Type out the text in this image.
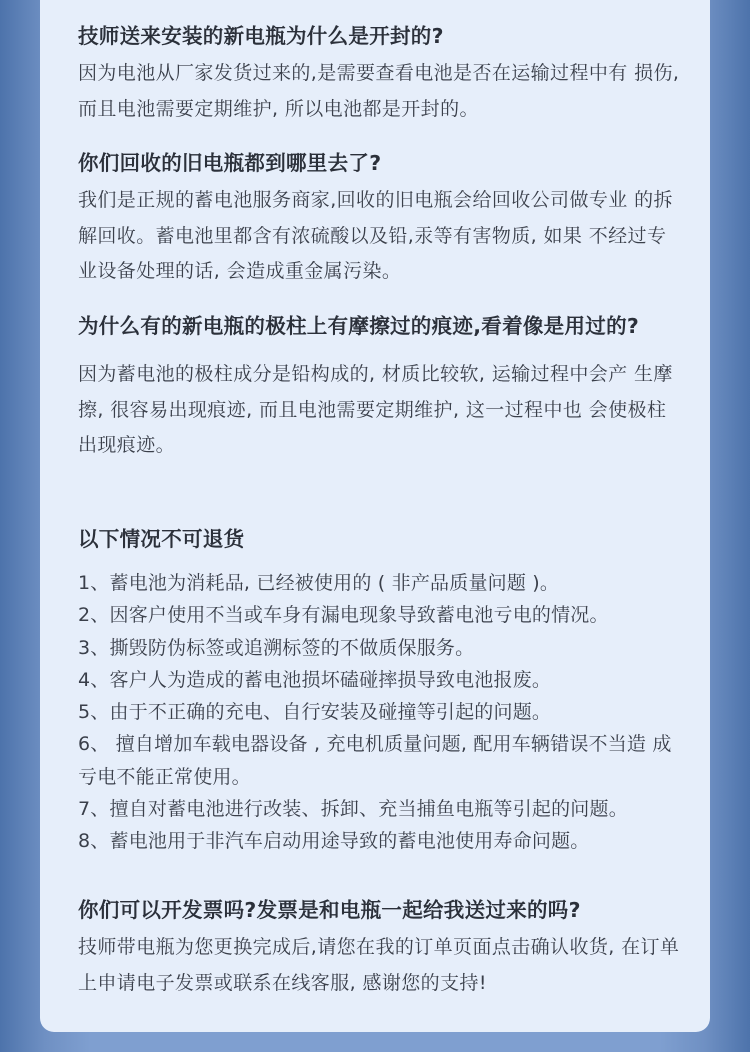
技师送来安装的新电瓶为什么是开封的?

因为电池从厂家发货过来的,是需要查看电池是否在运输过程中有 损伤, 而且电池需要定期维护, 所以电池都是开封的。

你们回收的旧电瓶都到哪里去了?

我们是正规的蓄电池服务商家,回收的旧电瓶会给回收公司做专业 的拆解回收。蓄电池里都含有浓硫酸以及铅,汞等有害物质, 如果 不经过专业设备处理的话, 会造成重金属污染。

为什么有的新电瓶的极柱上有摩擦过的痕迹,看着像是用过的?

因为蓄电池的极柱成分是铅构成的, 材质比较软, 运输过程中会产 生摩擦, 很容易出现痕迹, 而且电池需要定期维护, 这一过程中也 会使极柱出现痕迹。

以下情况不可退货

1、蓄电池为消耗品, 已经被使用的 ( 非产品质量问题 )。
2、因客户使用不当或车身有漏电现象导致蓄电池亏电的情况。
3、撕毁防伪标签或追溯标签的不做质保服务。
4、客户人为造成的蓄电池损坏磕碰摔损导致电池报废。
5、由于不正确的充电、自行安装及碰撞等引起的问题。
6、 擅自增加车载电器设备 , 充电机质量问题, 配用车辆错误不当造 成亏电不能正常使用。
7、擅自对蓄电池进行改装、拆卸、充当捕鱼电瓶等引起的问题。
8、蓄电池用于非汽车启动用途导致的蓄电池使用寿命问题。

你们可以开发票吗?发票是和电瓶一起给我送过来的吗?

技师带电瓶为您更换完成后,请您在我的订单页面点击确认收货, 在订单上申请电子发票或联系在线客服, 感谢您的支持!
